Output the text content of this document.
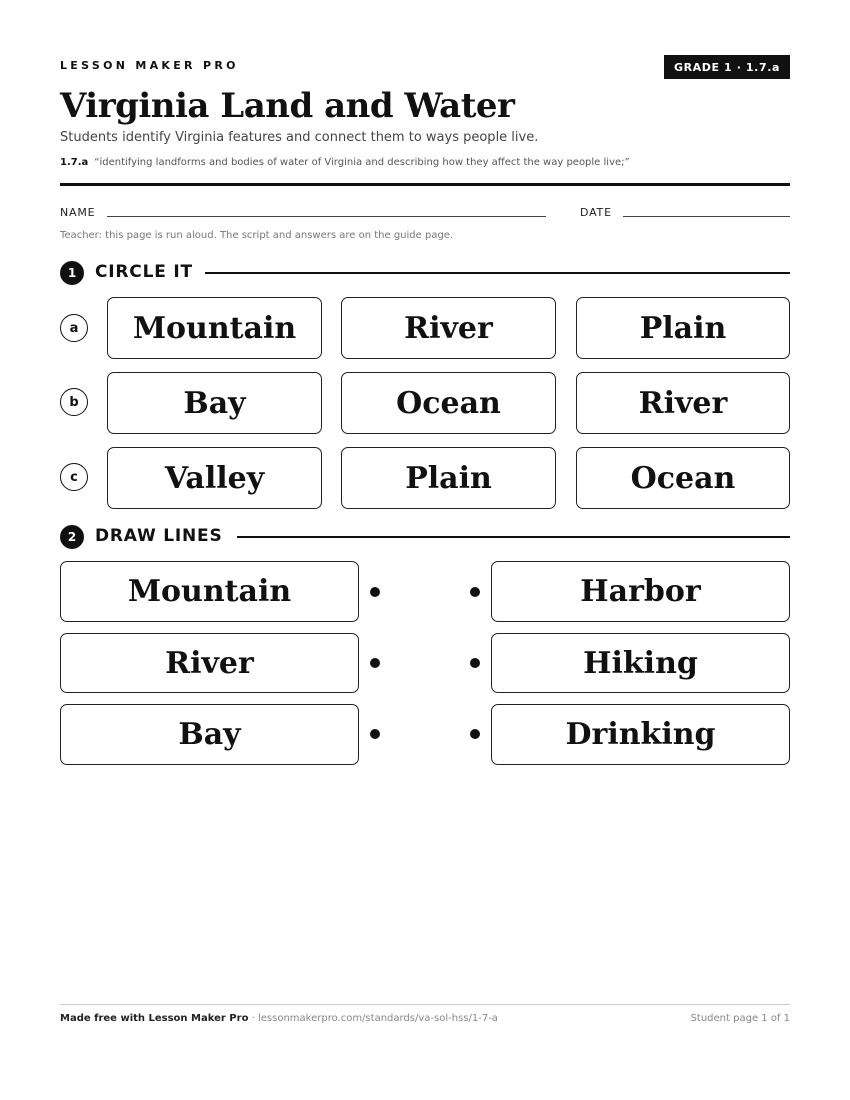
LESSON MAKER PRO	GRADE 1 · 1.7.a
Virginia Land and Water
Students identify Virginia features and connect them to ways people live.
1.7.a “identifying landforms and bodies of water of Virginia and describing how they affect the way people live;”
NAME	DATE
Teacher: this page is run aloud. The script and answers are on the guide page.
1	CIRCLE IT
a	Mountain	River	Plain
b	Bay	Ocean	River
c	Valley	Plain	Ocean
2	DRAW LINES
Mountain	Harbor
River	Hiking
Bay	Drinking
Made free with Lesson Maker Pro · lessonmakerpro.com/standards/va-sol-hss/1-7-a	Student page 1 of 1
